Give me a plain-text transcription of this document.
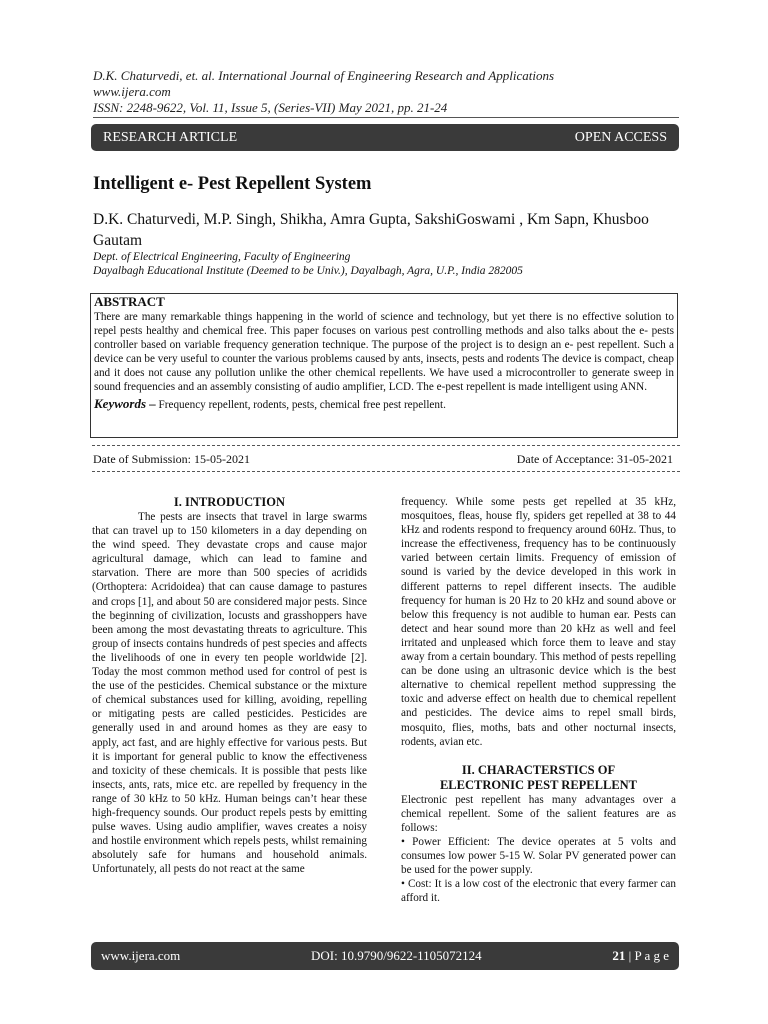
D.K. Chaturvedi, et. al. International Journal of Engineering Research and Applications
www.ijera.com
ISSN: 2248-9622, Vol. 11, Issue 5, (Series-VII) May 2021, pp. 21-24
RESEARCH ARTICLE	OPEN ACCESS
Intelligent e- Pest Repellent System
D.K. Chaturvedi, M.P. Singh, Shikha, Amra Gupta, SakshiGoswami , Km Sapn, Khusboo Gautam
Dept. of Electrical Engineering, Faculty of Engineering
Dayalbagh Educational Institute (Deemed to be Univ.), Dayalbagh, Agra, U.P., India 282005
ABSTRACT
There are many remarkable things happening in the world of science and technology, but yet there is no effective solution to repel pests healthy and chemical free. This paper focuses on various pest controlling methods and also talks about the e- pests controller based on variable frequency generation technique. The purpose of the project is to design an e- pest repellent. Such a device can be very useful to counter the various problems caused by ants, insects, pests and rodents The device is compact, cheap and it does not cause any pollution unlike the other chemical repellents. We have used a microcontroller to generate sweep in sound frequencies and an assembly consisting of audio amplifier, LCD. The e-pest repellent is made intelligent using ANN.
Keywords – Frequency repellent, rodents, pests, chemical free pest repellent.
Date of Submission: 15-05-2021	Date of Acceptance: 31-05-2021
I. INTRODUCTION

The pests are insects that travel in large swarms that can travel up to 150 kilometers in a day depending on the wind speed. They devastate crops and cause major agricultural damage, which can lead to famine and starvation. There are more than 500 species of acridids (Orthoptera: Acridoidea) that can cause damage to pastures and crops [1], and about 50 are considered major pests. Since the beginning of civilization, locusts and grasshoppers have been among the most devastating threats to agriculture. This group of insects contains hundreds of pest species and affects the livelihoods of one in every ten people worldwide [2]. Today the most common method used for control of pest is the use of the pesticides. Chemical substance or the mixture of chemical substances used for killing, avoiding, repelling or mitigating pests are called pesticides. Pesticides are generally used in and around homes as they are easy to apply, act fast, and are highly effective for various pests. But it is important for general public to know the effectiveness and toxicity of these chemicals. It is possible that pests like insects, ants, rats, mice etc. are repelled by frequency in the range of 30 kHz to 50 kHz. Human beings can’t hear these high-frequency sounds. Our product repels pests by emitting pulse waves. Using audio amplifier, waves creates a noisy and hostile environment which repels pests, whilst remaining absolutely safe for humans and household animals. Unfortunately, all pests do not react at the same

frequency. While some pests get repelled at 35 kHz, mosquitoes, fleas, house fly, spiders get repelled at 38 to 44 kHz and rodents respond to frequency around 60Hz. Thus, to increase the effectiveness, frequency has to be continuously varied between certain limits. Frequency of emission of sound is varied by the device developed in this work in different patterns to repel different insects. The audible frequency for human is 20 Hz to 20 kHz and sound above or below this frequency is not audible to human ear. Pests can detect and hear sound more than 20 kHz as well and feel irritated and unpleased which force them to leave and stay away from a certain boundary. This method of pests repelling can be done using an ultrasonic device which is the best alternative to chemical repellent method suppressing the toxic and adverse effect on health due to chemical repellent and pesticides. The device aims to repel small birds, mosquito, flies, moths, bats and other nocturnal insects, rodents, avian etc.

II. CHARACTERSTICS OF
ELECTRONIC PEST REPELLENT

Electronic pest repellent has many advantages over a chemical repellent. Some of the salient features are as follows:

• Power Efficient: The device operates at 5 volts and consumes low power 5-15 W. Solar PV generated power can be used for the power supply.

• Cost: It is a low cost of the electronic that every farmer can afford it.

www.ijera.com	DOI: 10.9790/9622-1105072124	21 | P a g e
